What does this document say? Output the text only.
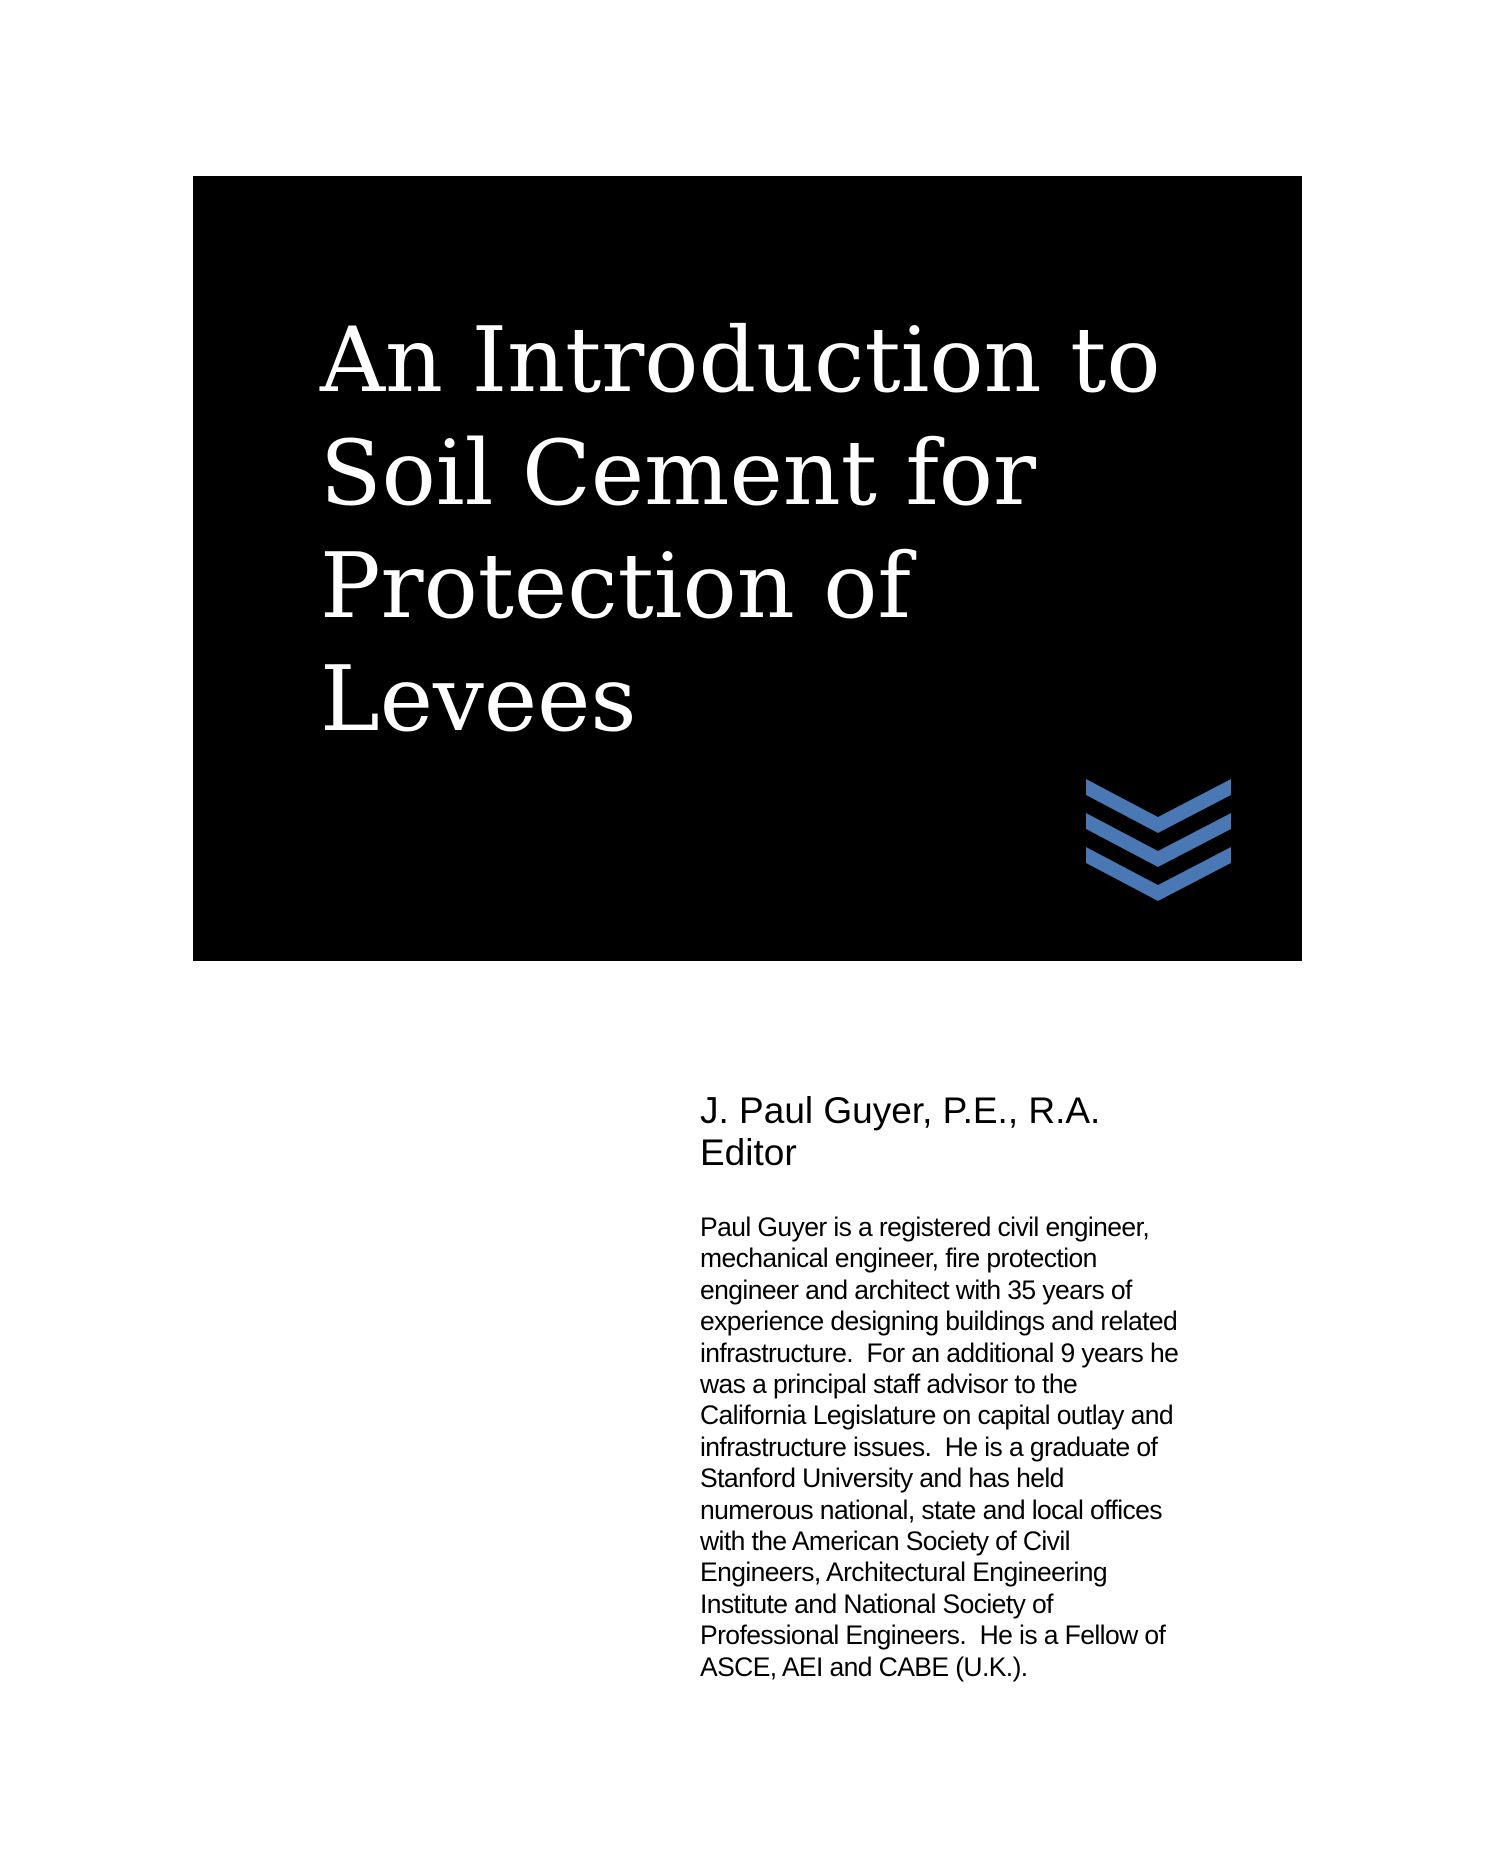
An Introduction to
Soil Cement for
Protection of
Levees
J. Paul Guyer, P.E., R.A.
Editor
Paul Guyer is a registered civil engineer,
mechanical engineer, fire protection
engineer and architect with 35 years of
experience designing buildings and related
infrastructure.  For an additional 9 years he
was a principal staff advisor to the
California Legislature on capital outlay and
infrastructure issues.  He is a graduate of
Stanford University and has held
numerous national, state and local offices
with the American Society of Civil
Engineers, Architectural Engineering
Institute and National Society of
Professional Engineers.  He is a Fellow of
ASCE, AEI and CABE (U.K.).
